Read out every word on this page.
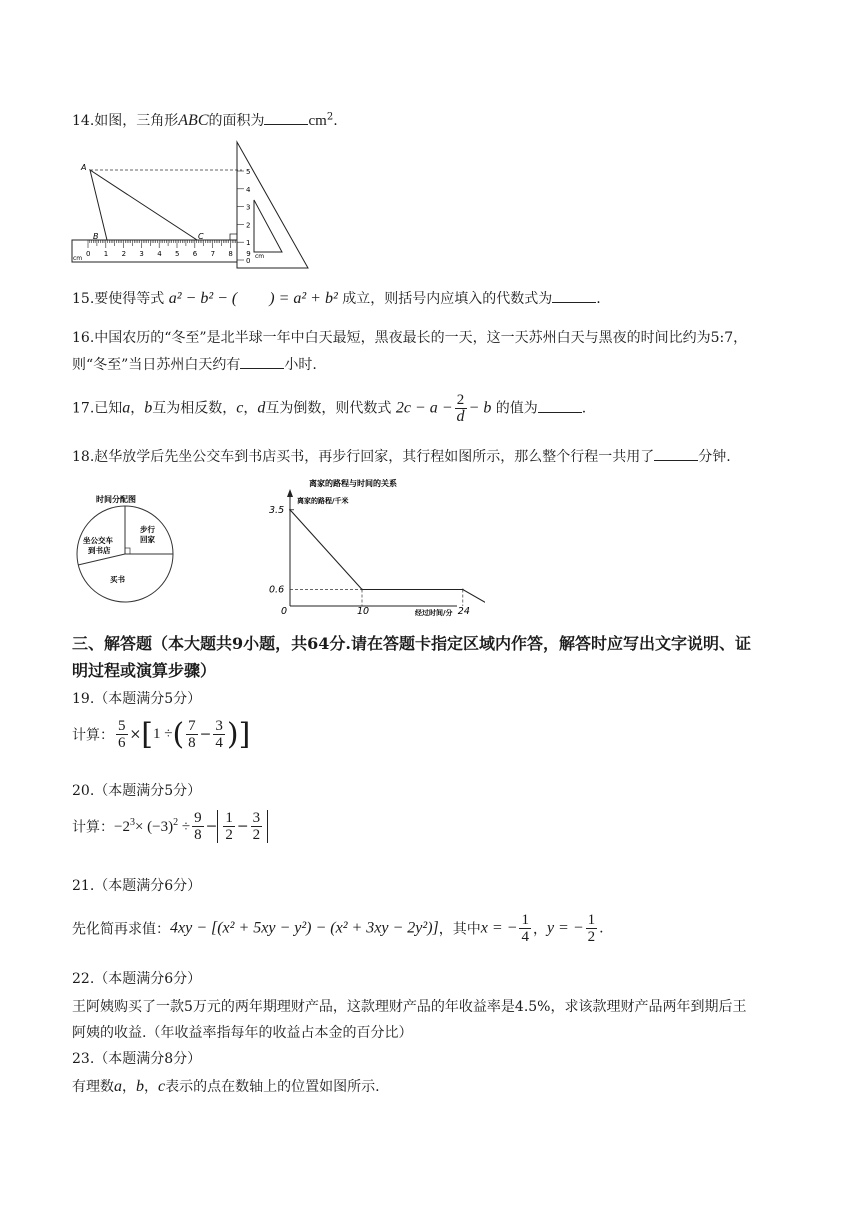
14.如图，三角形ABC的面积为	$cm^2$.
0 1 2 3 4 5 6 7 8 9
cm
A
B	C
0
1
2
3
4
5
cm
15.要使得等式 a² − b² − ( ) = a² + b² 成立，则括号内应填入的代数式为	.
16.中国农历的“冬至”是北半球一年中白天最短，黑夜最长的一天，这一天苏州白天与黑夜的时间比约为5:7，
则“冬至”当日苏州白天约有	小时.
17.已知a，b互为相反数，c，d互为倒数，则代数式 $2c - a - \frac{2}{d} - b$ 的值为	.
18.赵华放学后先坐公交车到书店买书，再步行回家，其行程如图所示，那么整个行程一共用了	分钟.
时间分配图
坐公交车
到书店
步行
回家
买书
离家的路程与时间的关系
离家的路程/千米
经过时间/分
3.5
0.6
0	10	24
三、解答题（本大题共9小题，共64分.请在答题卡指定区域内作答，解答时应写出文字说明、证
明过程或演算步骤）
19.（本题满分5分）
计算： $\frac{5}{6} \times[1$ ÷( $\frac{7}{8} - \frac{3}{4}$ )]
20.（本题满分5分）
计算：$-2^3\times (-3)^2 \div \frac{9}{8} - \frac{1}{2} - \frac{3}{2}$
21.（本题满分6分）
先化简再求值：4xy − [(x² + 5xy − y²) − (x² + 3xy − 2y²)]，其中x = − $\frac{1}{4}$ ，y = − $\frac{1}{2}$ .
22.（本题满分6分）
王阿姨购买了一款5万元的两年期理财产品，这款理财产品的年收益率是4.5%，求该款理财产品两年到期后王
阿姨的收益.（年收益率指每年的收益占本金的百分比）
23.（本题满分8分）
有理数a，b，c表示的点在数轴上的位置如图所示.
